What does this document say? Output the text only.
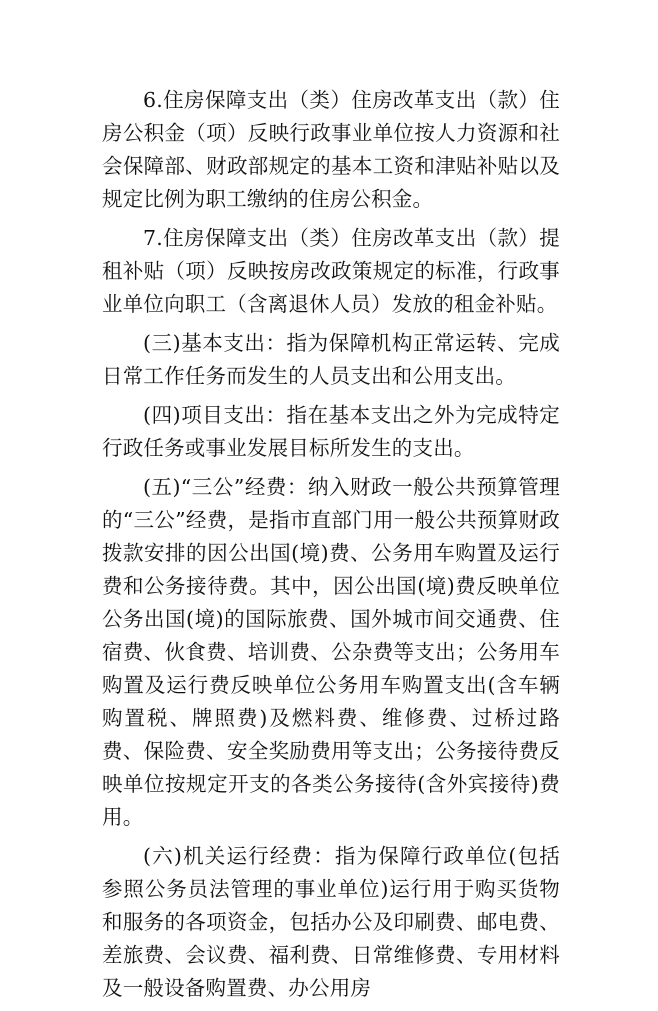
6.住房保障支出（类）住房改革支出（款）住房公积金（项）反映行政事业单位按人力资源和社会保障部、财政部规定的基本工资和津贴补贴以及规定比例为职工缴纳的住房公积金。

7.住房保障支出（类）住房改革支出（款）提租补贴（项）反映按房改政策规定的标准，行政事业单位向职工（含离退休人员）发放的租金补贴。

(三)基本支出：指为保障机构正常运转、完成日常工作任务而发生的人员支出和公用支出。

(四)项目支出：指在基本支出之外为完成特定行政任务或事业发展目标所发生的支出。

(五)“三公”经费：纳入财政一般公共预算管理的“三公”经费，是指市直部门用一般公共预算财政拨款安排的因公出国(境)费、公务用车购置及运行费和公务接待费。其中，因公出国(境)费反映单位公务出国(境)的国际旅费、国外城市间交通费、住宿费、伙食费、培训费、公杂费等支出；公务用车购置及运行费反映单位公务用车购置支出(含车辆购置税、牌照费)及燃料费、维修费、过桥过路费、保险费、安全奖励费用等支出；公务接待费反映单位按规定开支的各类公务接待(含外宾接待)费用。

(六)机关运行经费：指为保障行政单位(包括参照公务员法管理的事业单位)运行用于购买货物和服务的各项资金，包括办公及印刷费、邮电费、差旅费、会议费、福利费、日常维修费、专用材料及一般设备购置费、办公用房
